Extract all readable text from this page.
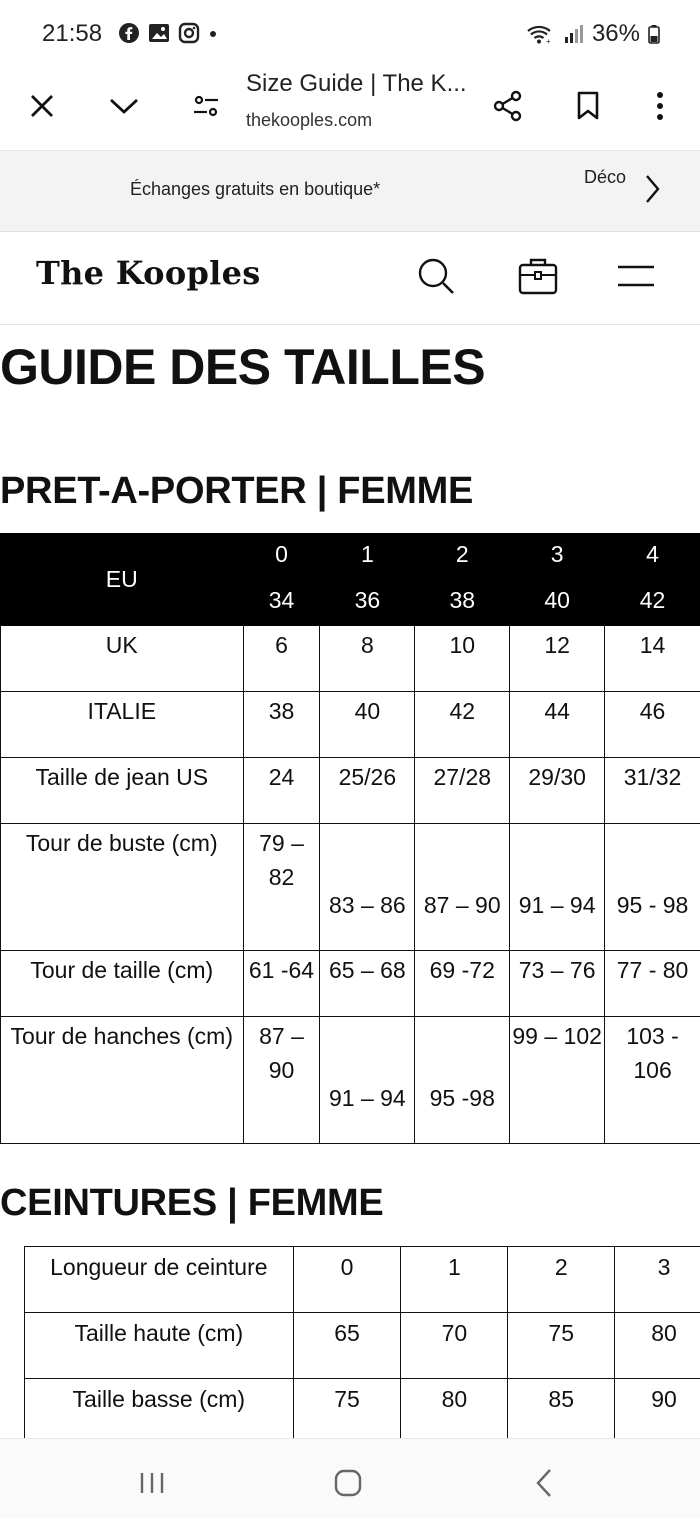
21:58	+ 36%
Size Guide | The K...
thekooples.com
Échanges gratuits en boutique*
Déco
The Kooples
GUIDE DES TAILLES
PRET-A-PORTER | FEMME
EU	0	1	2	3	4
	34	36	38	40	42
UK	6	8	10	12	14
ITALIE	38	40	42	44	46
Taille de jean US	24	25/26	27/28	29/30	31/32
Tour de buste (cm)	79 – 82	83 – 86	87 – 90	91 – 94	95 - 98
Tour de taille (cm)	61 -64	65 – 68	69 -72	73 – 76	77 - 80
Tour de hanches (cm)	87 – 90	91 – 94	95 -98	99 – 102	103 - 106
CEINTURES | FEMME
Longueur de ceinture	0	1	2	3
Taille haute (cm)	65	70	75	80
Taille basse (cm)	75	80	85	90
